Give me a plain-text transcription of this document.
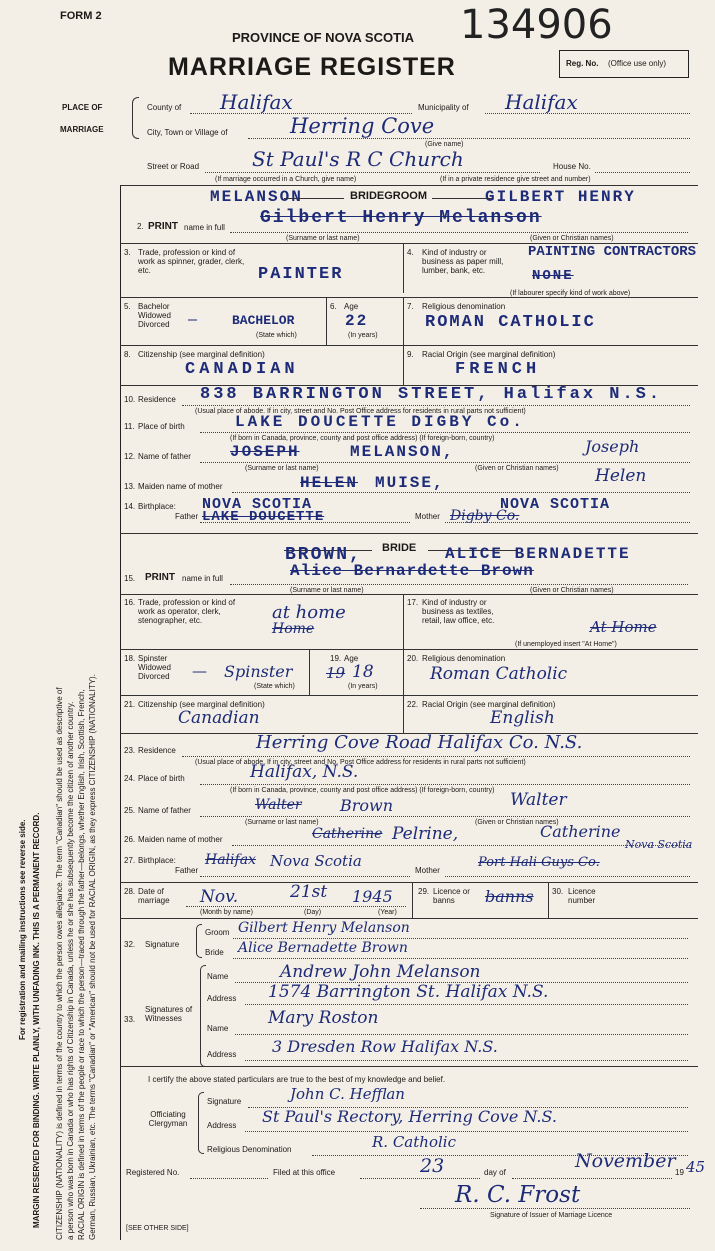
FORM 2	134906
PROVINCE OF NOVA SCOTIA
MARRIAGE REGISTER	Reg. No. (Office use only)
PLACE OF
MARRIAGE
County of Halifax	Municipality of Halifax
City, Town or Village of	Herring Cove
(Give name)
Street or Road	St Paul's R C Church	House No.
(If marriage occurred in a Church, give name)	(If in a private residence give street and number)
For registration and mailing instructions see reverse side. MARGIN RESERVED FOR BINDING. WRITE PLAINLY, WITH UNFADING INK. THIS IS A PERMANENT RECORD. CITIZENSHIP (NATIONALITY) is defined in terms of the country to which the person owes allegiance. The term "Canadian" should be used as descriptive of a person who was born in Canada or who has rights of Citizenship in Canada, unless he or she has subsequently become the citizen of another country. RACIAL ORIGIN is defined in terms of the people or race to which the person—traced through the father—belongs, whether English, Irish, Scottish, French, German, Russian, Ukrainian, etc. The terms "Canadian" or "American" should not be used for RACIAL ORIGIN, as they express CITIZENSHIP (NATIONALITY).
MELANSON	BRIDEGROOM	GILBERT HENRY
2. PRINT name in full Gilbert Henry Melanson
(Surname or last name)	(Given or Christian names)
3. Trade, profession or kind of work as spinner, grader, clerk, etc.	PAINTER
4. Kind of industry or business as paper mill, lumber, bank, etc.
PAINTING CONTRACTORS
NONE
(If labourer specify kind of work above)
5. Bachelor Widowed Divorced	—	BACHELOR
(State which)
6. Age
22
(In years)
7. Religious denomination
ROMAN CATHOLIC
8. Citizenship (see marginal definition)
CANADIAN
9. Racial Origin (see marginal definition)
FRENCH
10. Residence 838 BARRINGTON STREET, Halifax N.S.
(Usual place of abode. If in city, street and No. Post Office address for residents in rural parts not sufficient)
11. Place of birth	LAKE DOUCETTE DIGBY Co.
(If born in Canada, province, county and post office address) (If foreign-born, country)
12. Name of father JOSEPH	MELANSON,	Joseph
(Surname or last name)	(Given or Christian names)
13. Maiden name of mother	HELEN MUISE,	Helen
14. Birthplace:
Father
NOVA SCOTIA
LAKE DOUCETTE	Mother
NOVA SCOTIA
Digby Co.
BRIDE
BROWN,	ALICE BERNADETTE
15. PRINT name in full	Alice Bernardette Brown
(Surname or last name)	(Given or Christian names)
16. Trade, profession or kind of work as operator, clerk, stenographer, etc.	at home
Home
17. Kind of industry or business as textiles, retail, law office, etc.	At Home
(If unemployed insert "At Home")
18. Spinster Widowed Divorced	— Spinster
(State which)
19. Age
19 18
(In years)
20. Religious denomination
Roman Catholic
21. Citizenship (see marginal definition)
Canadian
22. Racial Origin (see marginal definition)
English
23. Residence	Herring Cove Road Halifax Co. N.S.
(Usual place of abode. If in city, street and No. Post Office address for residents in rural parts not sufficient)
24. Place of birth	Halifax, N.S.
(If born in Canada, province, county and post office address) (If foreign-born, country)
25. Name of father	Walter Brown	Walter
(Surname or last name)	(Given or Christian names)
26. Maiden name of mother	Catherine Pelrine,	Catherine
27. Birthplace:
Father
Halifax Nova Scotia
Mother
Port Hali Guys Co.
Nova Scotia
28. Date of marriage	Nov.	21st 1945
(Month by name)	(Day)	(Year)
29. Licence or banns	banns 30. Licence number
32. Signature
Groom Gilbert Henry Melanson
Bride Alice Bernadette Brown
33.
Signatures of Witnesses
Name	Andrew John Melanson
Address 1574 Barrington St. Halifax N.S.
Name
Mary Roston
Address 3 Dresden Row Halifax N.S.
I certify the above stated particulars are true to the best of my knowledge and belief.
Officiating Clergyman
Signature	John C. Hefflan
Address St Paul's Rectory, Herring Cove N.S.
Religious Denomination	R. Catholic
Registered No.	Filed at this office	23	day of
November
19 45
R. C. Frost
Signature of Issuer of Marriage Licence
[SEE OTHER SIDE]
